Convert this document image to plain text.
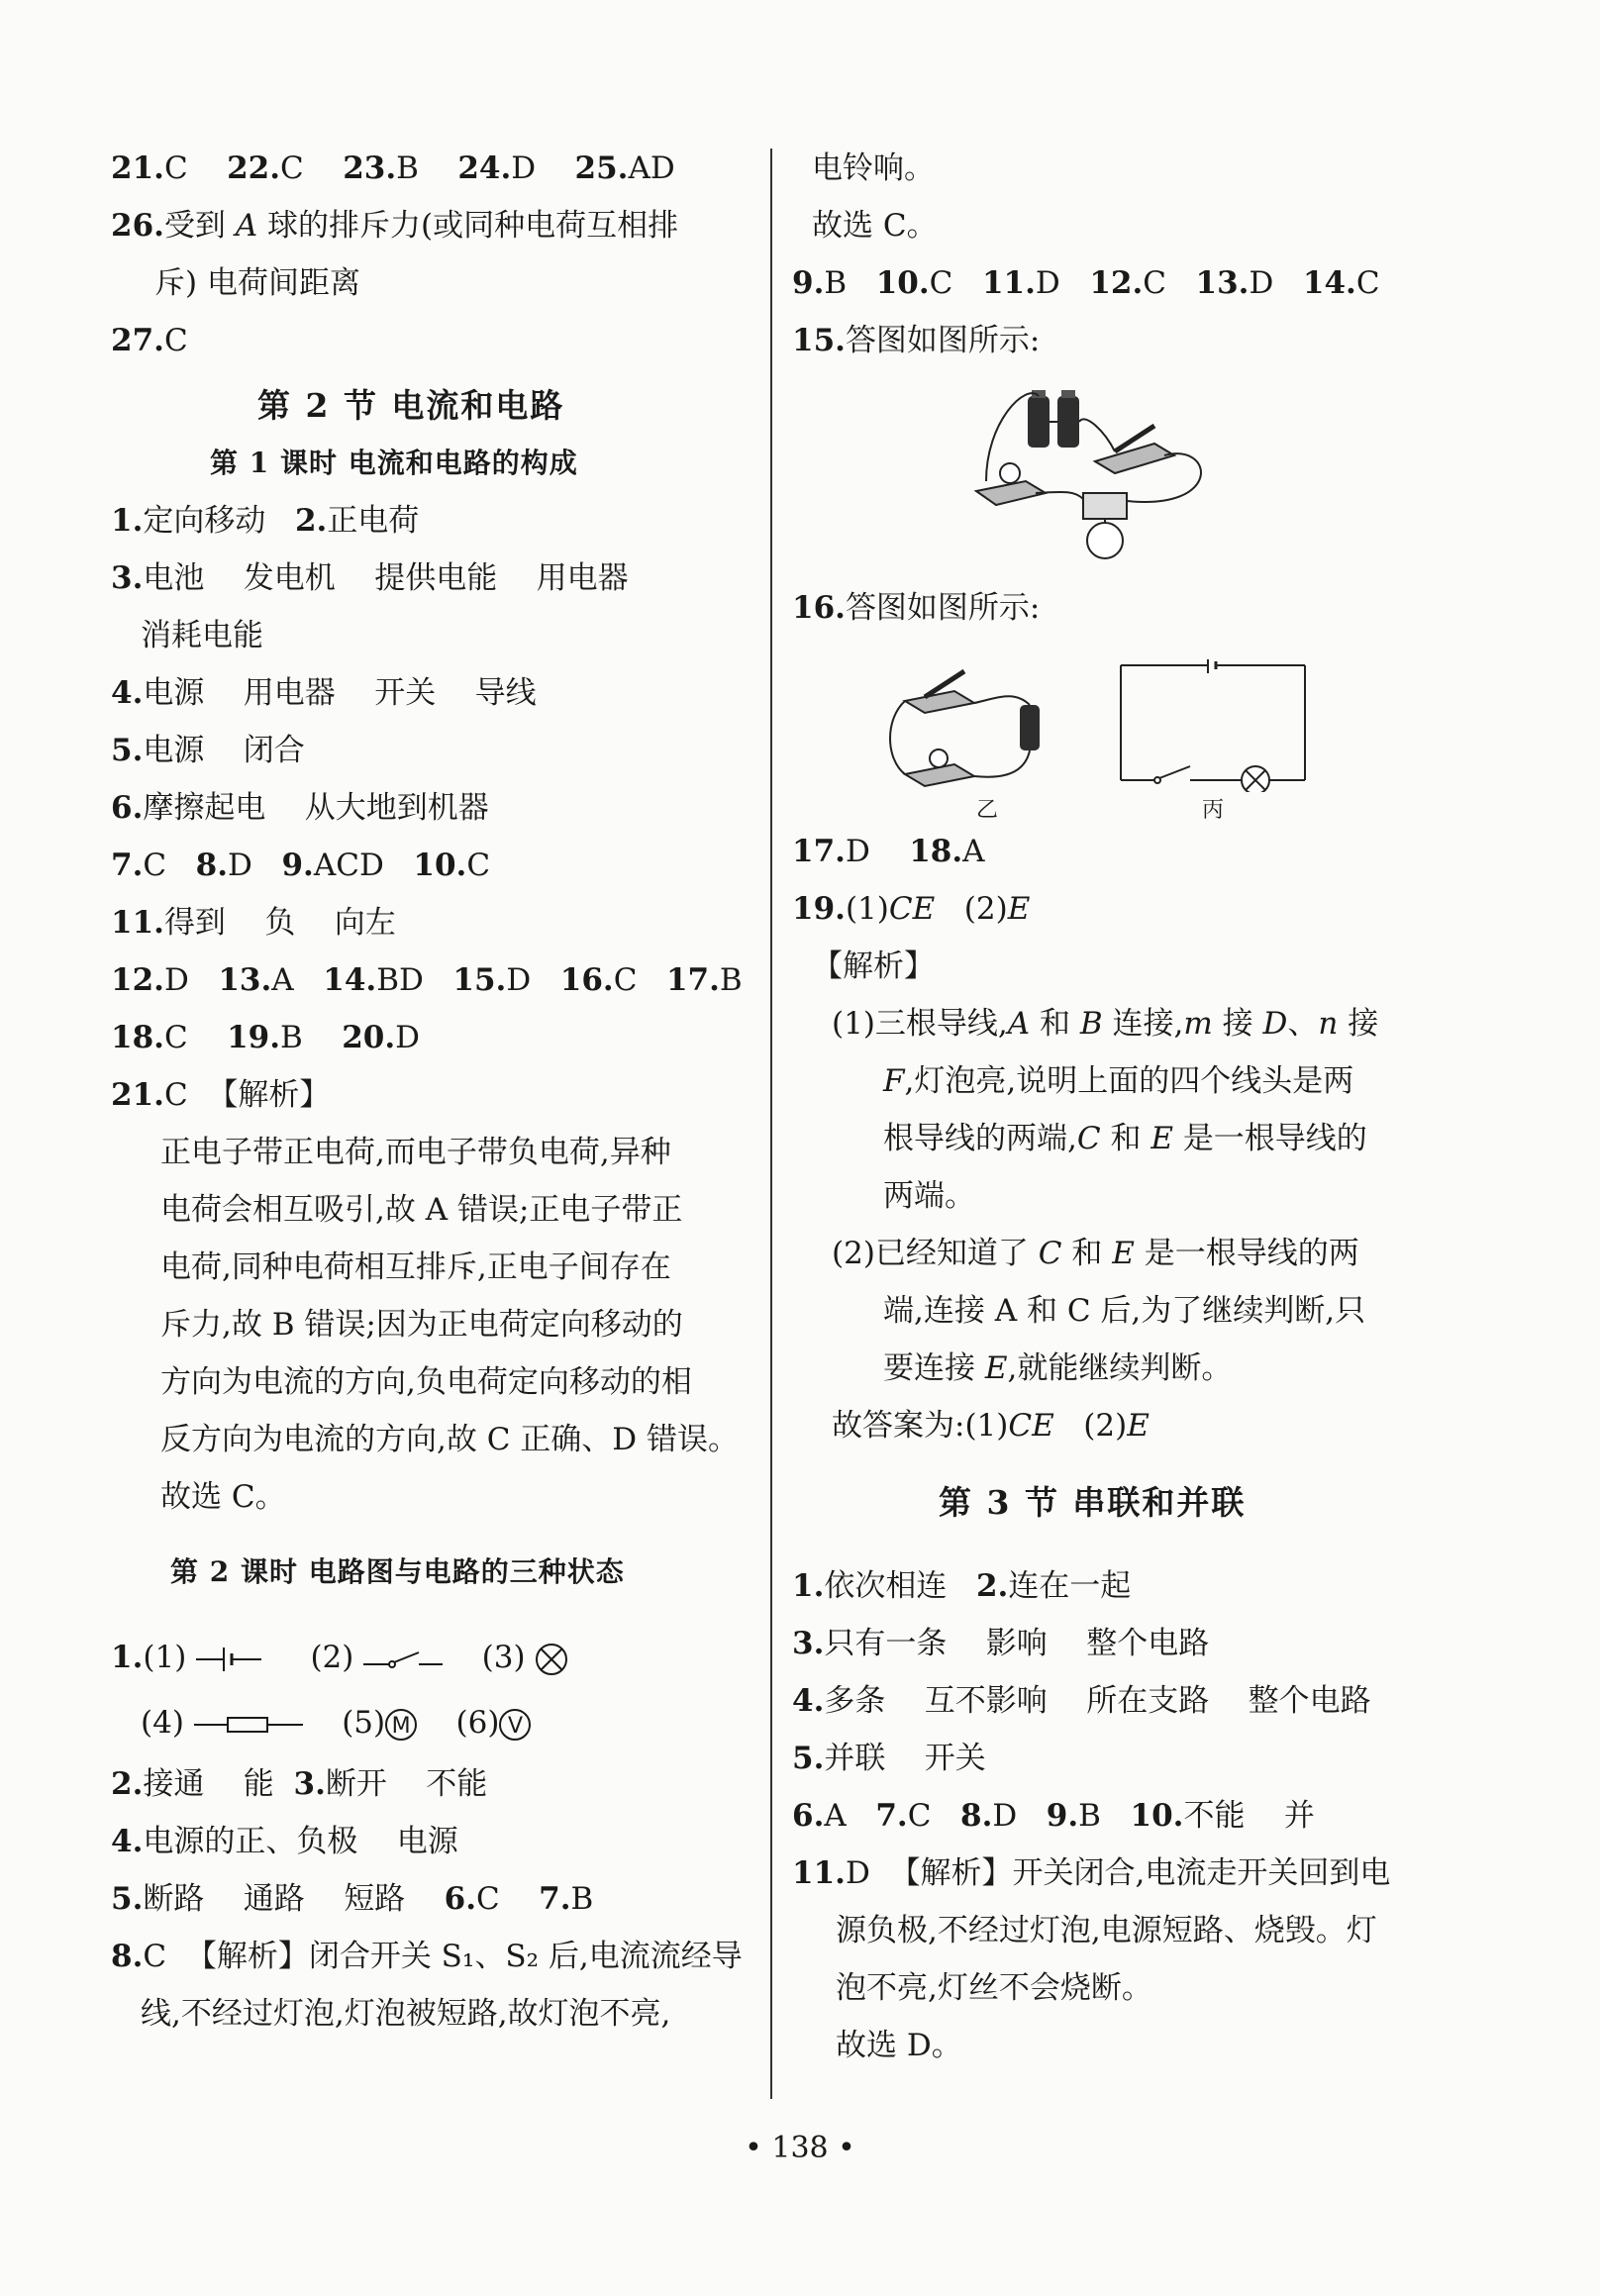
21.C 22.C 23.B 24.D 25.AD
26.受到 A 球的排斥力(或同种电荷互相排
斥) 电荷间距离
27.C
第 2 节 电流和电路
第 1 课时 电流和电路的构成
1.定向移动 2.正电荷
3.电池    发电机    提供电能    用电器
消耗电能
4.电源    用电器    开关    导线
5.电源    闭合
6.摩擦起电    从大地到机器
7.C 8.D 9.ACD 10.C
11.得到    负    向左
12.D 13.A 14.BD 15.D 16.C 17.B
18.C 19.B 20.D
21.C 【解析】
正电子带正电荷,而电子带负电荷,异种
电荷会相互吸引,故 A 错误;正电子带正
电荷,同种电荷相互排斥,正电子间存在
斥力,故 B 错误;因为正电荷定向移动的
方向为电流的方向,负电荷定向移动的相
反方向为电流的方向,故 C 正确、D 错误。
故选 C。
第 2 课时 电路图与电路的三种状态
1.(1)	(2)	(3)
(4)	(5) M (6) V
2.接通    能 3.断开    不能
4.电源的正、负极    电源
5.断路    通路    短路 6.C 7.B
8.C 【解析】闭合开关 S₁、S₂ 后,电流流经导
线,不经过灯泡,灯泡被短路,故灯泡不亮,
电铃响。
故选 C。
9.B 10.C 11.D 12.C 13.D 14.C
15.答图如图所示:
16.答图如图所示:
乙	丙
17.D 18.A
19.(1)CE (2)E
【解析】
(1)三根导线,A 和 B 连接,m 接 D、n 接
F,灯泡亮,说明上面的四个线头是两
根导线的两端,C 和 E 是一根导线的
两端。
(2)已经知道了 C 和 E 是一根导线的两
端,连接 A 和 C 后,为了继续判断,只
要连接 E,就能继续判断。
故答案为:(1)CE (2)E
第 3 节 串联和并联
1.依次相连 2.连在一起
3.只有一条    影响    整个电路
4.多条    互不影响    所在支路    整个电路
5.并联    开关
6.A 7.C 8.D 9.B 10.不能    并
11.D 【解析】开关闭合,电流走开关回到电
源负极,不经过灯泡,电源短路、烧毁。灯
泡不亮,灯丝不会烧断。
故选 D。
• 138 •
